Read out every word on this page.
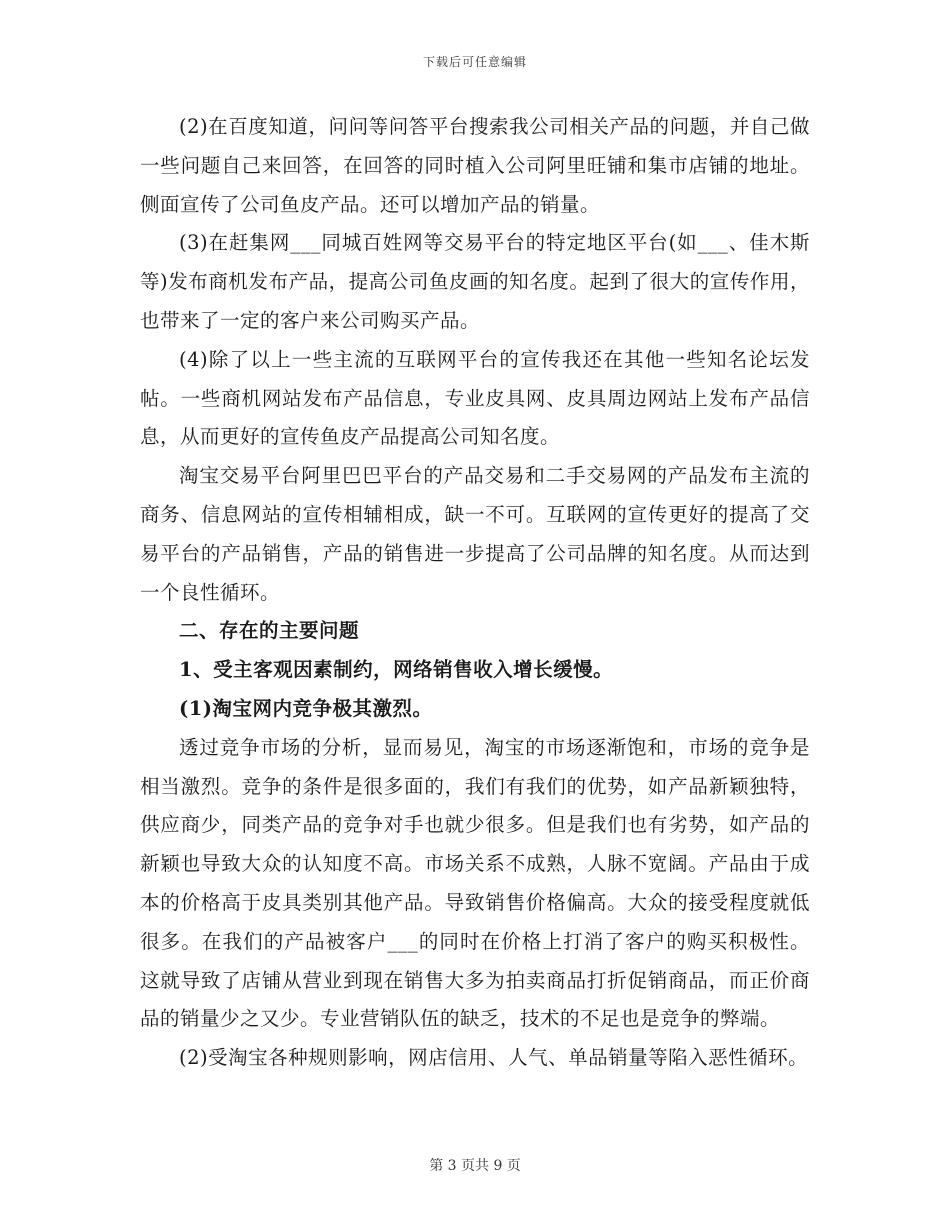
下载后可任意编辑

(2)在百度知道，问问等问答平台搜索我公司相关产品的问题，并自己做一些问题自己来回答，在回答的同时植入公司阿里旺铺和集市店铺的地址。侧面宣传了公司鱼皮产品。还可以增加产品的销量。

(3)在赶集网___同城百姓网等交易平台的特定地区平台(如___、佳木斯等)发布商机发布产品，提高公司鱼皮画的知名度。起到了很大的宣传作用，也带来了一定的客户来公司购买产品。

(4)除了以上一些主流的互联网平台的宣传我还在其他一些知名论坛发帖。一些商机网站发布产品信息，专业皮具网、皮具周边网站上发布产品信息，从而更好的宣传鱼皮产品提高公司知名度。

淘宝交易平台阿里巴巴平台的产品交易和二手交易网的产品发布主流的商务、信息网站的宣传相辅相成，缺一不可。互联网的宣传更好的提高了交易平台的产品销售，产品的销售进一步提高了公司品牌的知名度。从而达到一个良性循环。

二、存在的主要问题

1、受主客观因素制约，网络销售收入增长缓慢。

(1)淘宝网内竞争极其激烈。

透过竞争市场的分析，显而易见，淘宝的市场逐渐饱和，市场的竞争是相当激烈。竞争的条件是很多面的，我们有我们的优势，如产品新颖独特，供应商少，同类产品的竞争对手也就少很多。但是我们也有劣势，如产品的新颖也导致大众的认知度不高。市场关系不成熟，人脉不宽阔。产品由于成本的价格高于皮具类别其他产品。导致销售价格偏高。大众的接受程度就低很多。在我们的产品被客户___的同时在价格上打消了客户的购买积极性。这就导致了店铺从营业到现在销售大多为拍卖商品打折促销商品，而正价商品的销量少之又少。专业营销队伍的缺乏，技术的不足也是竞争的弊端。

(2)受淘宝各种规则影响，网店信用、人气、单品销量等陷入恶性循环。

第 3 页共 9 页
